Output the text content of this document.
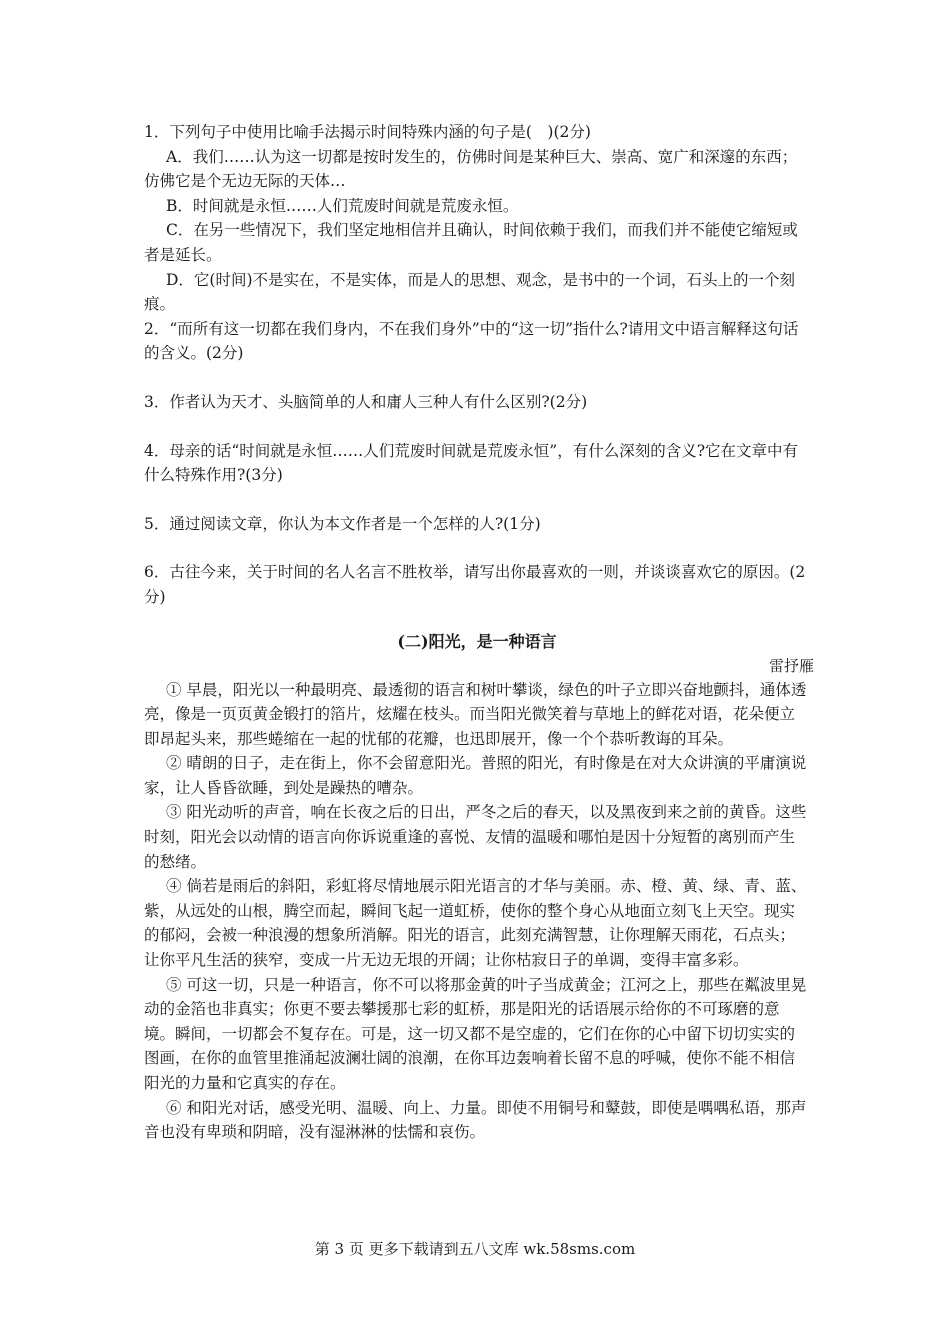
1．下列句子中使用比喻手法揭示时间特殊内涵的句子是(　)(2分)

A．我们……认为这一切都是按时发生的，仿佛时间是某种巨大、崇高、宽广和深邃的东西；仿佛它是个无边无际的天体…

B．时间就是永恒……人们荒废时间就是荒废永恒。

C．在另一些情况下，我们坚定地相信并且确认，时间依赖于我们，而我们并不能使它缩短或者是延长。

D．它(时间)不是实在，不是实体，而是人的思想、观念，是书中的一个词，石头上的一个刻痕。

2．“而所有这一切都在我们身内，不在我们身外”中的“这一切”指什么?请用文中语言解释这句话的含义。(2分)

3．作者认为天才、头脑简单的人和庸人三种人有什么区别?(2分)

4．母亲的话“时间就是永恒……人们荒废时间就是荒废永恒”，有什么深刻的含义?它在文章中有什么特殊作用?(3分)

5．通过阅读文章，你认为本文作者是一个怎样的人?(1分)

6．古往今来，关于时间的名人名言不胜枚举，请写出你最喜欢的一则，并谈谈喜欢它的原因。(2分)

(二)阳光，是一种语言
雷抒雁

① 早晨，阳光以一种最明亮、最透彻的语言和树叶攀谈，绿色的叶子立即兴奋地颤抖，通体透亮，像是一页页黄金锻打的箔片，炫耀在枝头。而当阳光微笑着与草地上的鲜花对语，花朵便立即昂起头来，那些蜷缩在一起的忧郁的花瓣，也迅即展开，像一个个恭听教诲的耳朵。

② 晴朗的日子，走在街上，你不会留意阳光。普照的阳光，有时像是在对大众讲演的平庸演说家，让人昏昏欲睡，到处是躁热的嘈杂。

③ 阳光动听的声音，响在长夜之后的日出，严冬之后的春天，以及黑夜到来之前的黄昏。这些时刻，阳光会以动情的语言向你诉说重逢的喜悦、友情的温暖和哪怕是因十分短暂的离别而产生的愁绪。

④ 倘若是雨后的斜阳，彩虹将尽情地展示阳光语言的才华与美丽。赤、橙、黄、绿、青、蓝、紫，从远处的山根，腾空而起，瞬间飞起一道虹桥，使你的整个身心从地面立刻飞上天空。现实的郁闷，会被一种浪漫的想象所消解。阳光的语言，此刻充满智慧，让你理解天雨花，石点头；让你平凡生活的狭窄，变成一片无边无垠的开阔；让你枯寂日子的单调，变得丰富多彩。

⑤ 可这一切，只是一种语言，你不可以将那金黄的叶子当成黄金；江河之上，那些在粼波里晃动的金箔也非真实；你更不要去攀援那七彩的虹桥，那是阳光的话语展示给你的不可琢磨的意境。瞬间，一切都会不复存在。可是，这一切又都不是空虚的，它们在你的心中留下切切实实的图画，在你的血管里推涌起波澜壮阔的浪潮，在你耳边轰响着长留不息的呼喊，使你不能不相信阳光的力量和它真实的存在。

⑥ 和阳光对话，感受光明、温暖、向上、力量。即使不用铜号和鼙鼓，即使是喁喁私语，那声音也没有卑琐和阴暗，没有湿淋淋的怯懦和哀伤。

第 3 页 更多下载请到五八文库 wk.58sms.com
